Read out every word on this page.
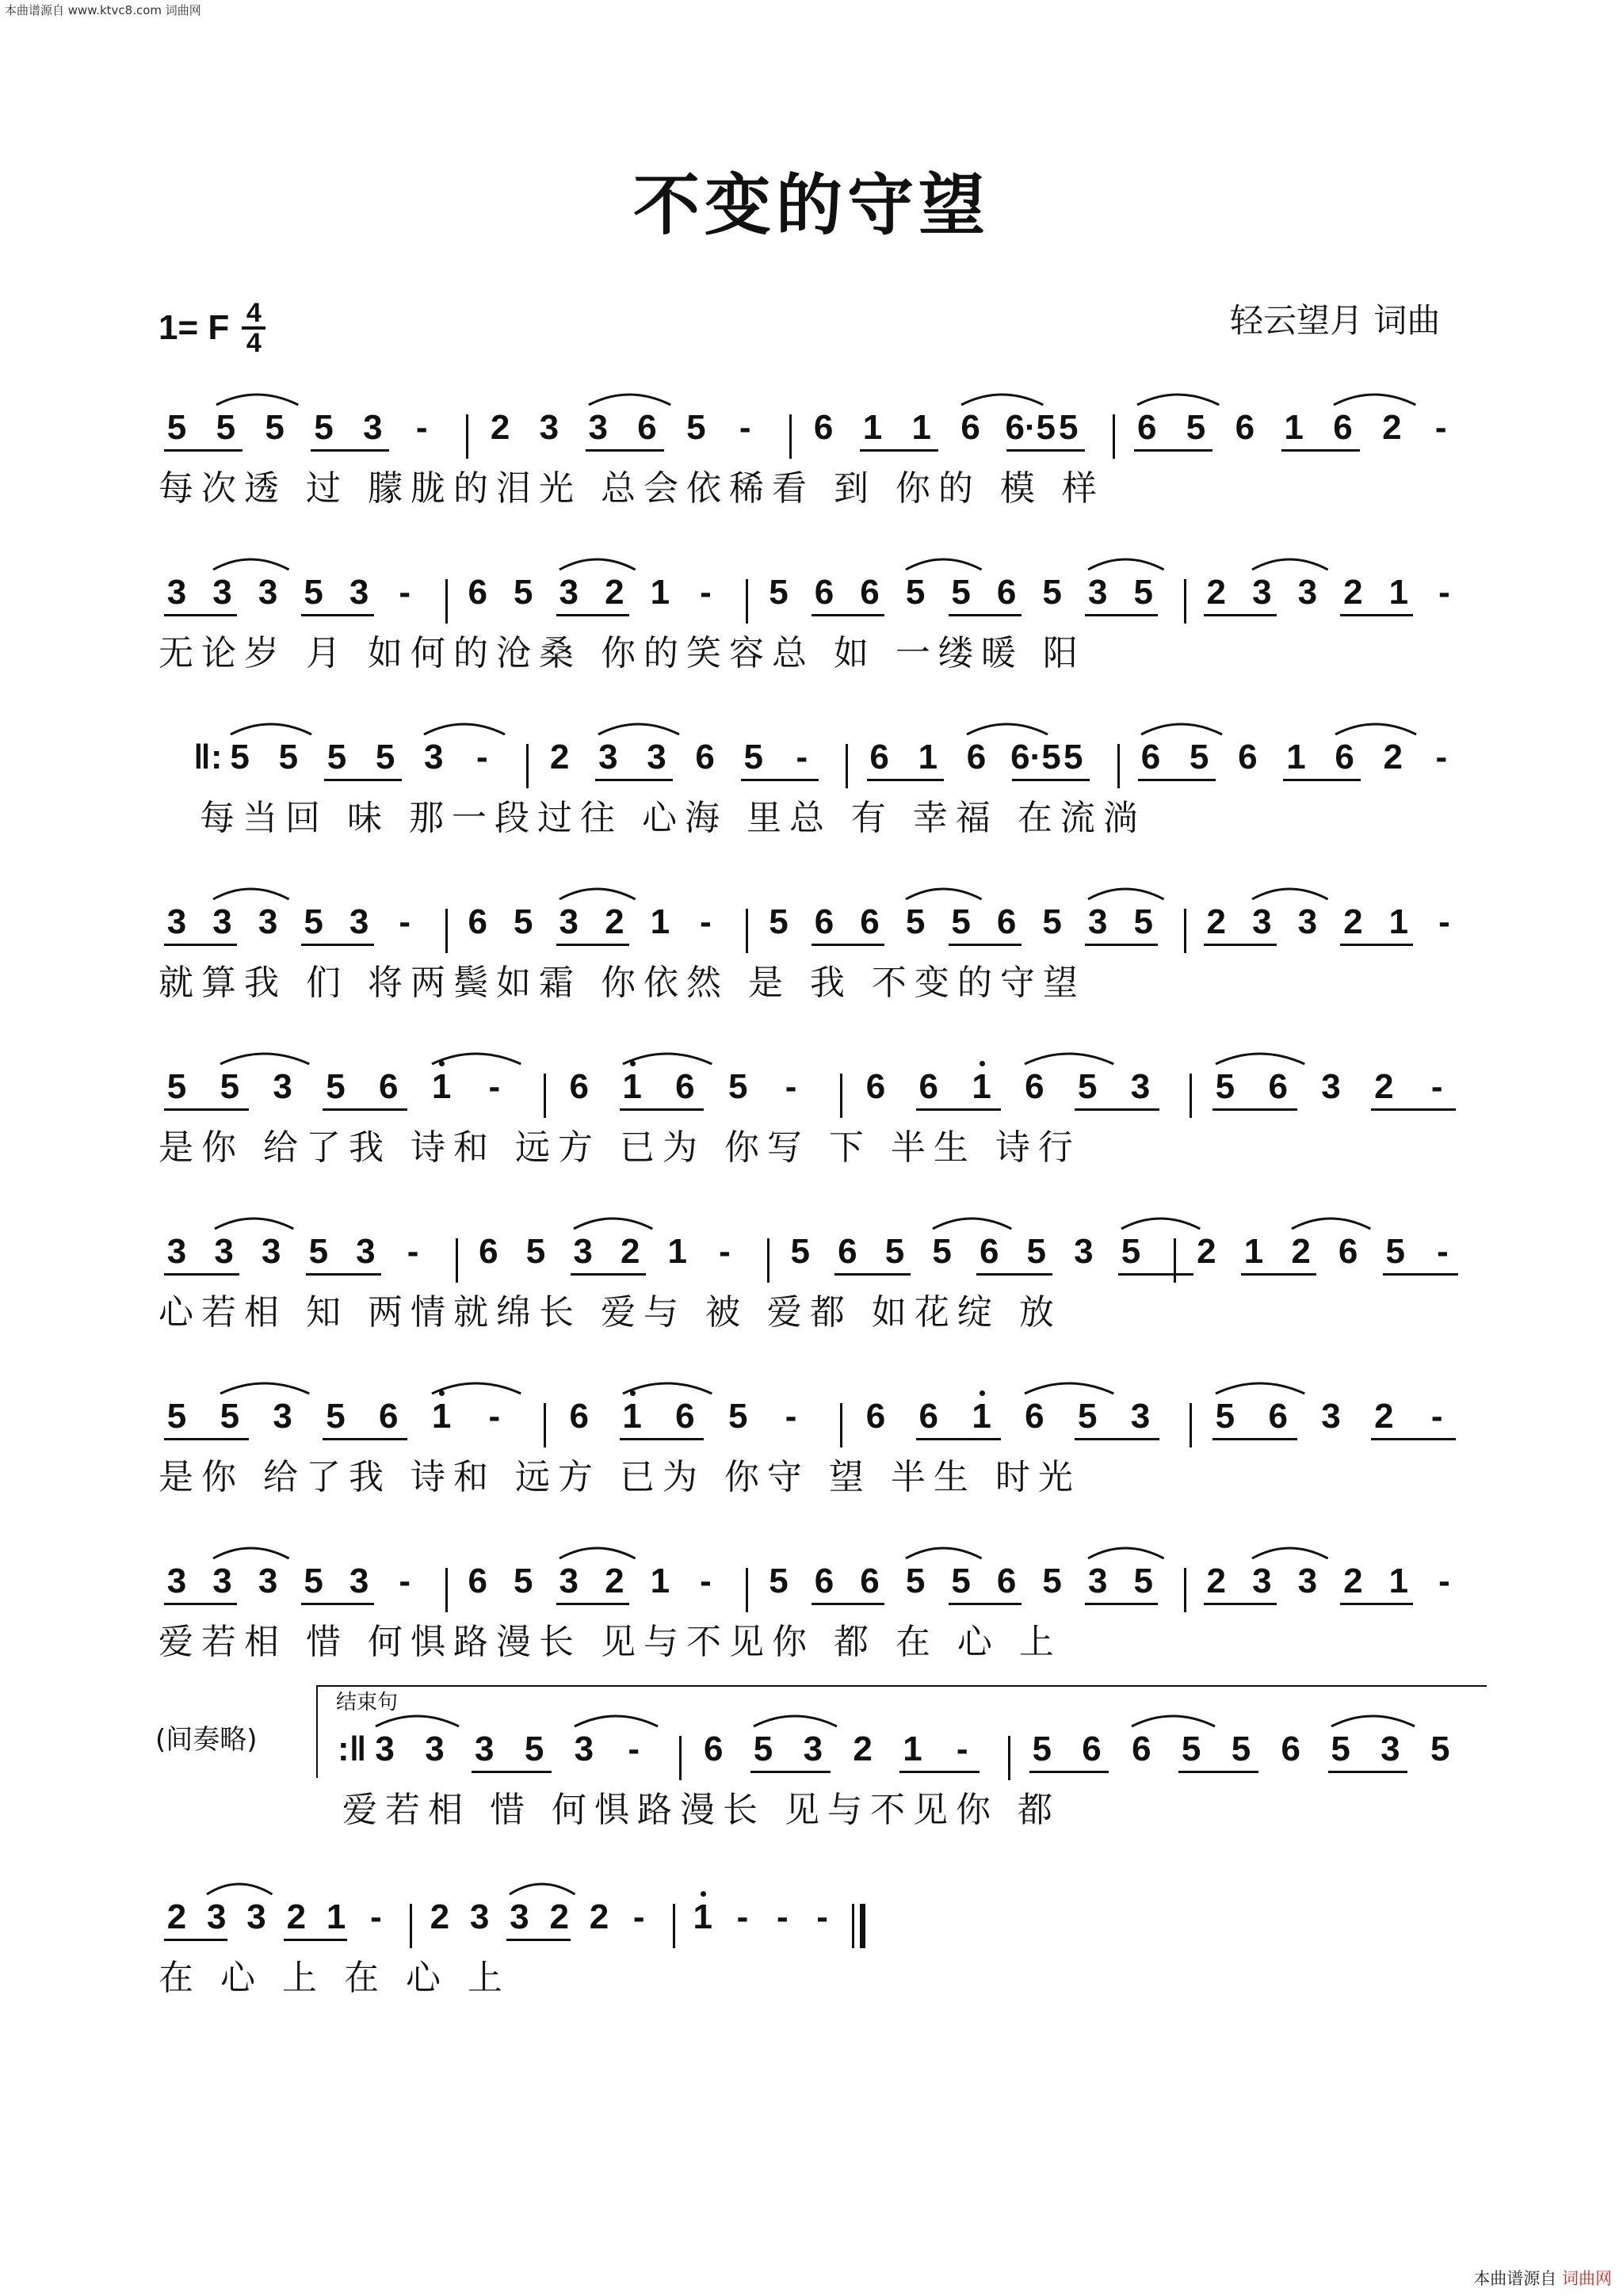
本曲谱源自 www.ktvc8.com 词曲网
不变的守望
1= F 4
4
轻云望月 词曲
结束句
(间奏略)
5 5 5 5 3 - 2 3 3 6 5 - 6 1 1 6 6·5 5 6 5 6 1 6 2 -
每次透 过 朦胧的泪光 总会依稀看 到 你的 模 样
3 3 3 5 3 - 6 5 3 2 1 - 5 6 6 5 5 6 5 3 5 2 3 3 2 1 -
无论岁 月 如何的沧桑 你的笑容总 如 一缕暖 阳
‖: 5 5 5 5 3 - 2 3 3 6 5 - 6 1 6 6·5 5 6 5 6 1 6 2 -
每当回 味 那一段过往 心海 里总 有 幸福 在流淌
3 3 3 5 3 - 6 5 3 2 1 - 5 6 6 5 5 6 5 3 5 2 3 3 2 1 -
就算我 们 将两鬓如霜 你依然 是 我 不变的守望
5 5 3 5 6 1 - 6 1 6 5 - 6 6 1 6 5 3 5 6 3 2 -
是你 给了我 诗和 远方 已为 你写 下 半生 诗行
3 3 3 5 3 - 6 5 3 2 1 - 5 6 5 5 6 5 3 5 2 1 2 6 5 -
心若相 知 两情就绵长 爱与 被 爱都 如花绽 放
5 5 3 5 6 1 - 6 1 6 5 - 6 6 1 6 5 3 5 6 3 2 -
是你 给了我 诗和 远方 已为 你守 望 半生 时光
3 3 3 5 3 - 6 5 3 2 1 - 5 6 6 5 5 6 5 3 5 2 3 3 2 1 -
爱若相 惜 何惧路漫长 见与不见你 都 在 心 上
:‖ 3 3 3 5 3 - 6 5 3 2 1 - 5 6 6 5 5 6 5 3 5
爱若相 惜 何惧路漫长 见与不见你 都
2 3 3 2 1 - 2 3 3 2 2 - 1 - - -
在 心 上 在 心 上
本曲谱源自 词曲网
